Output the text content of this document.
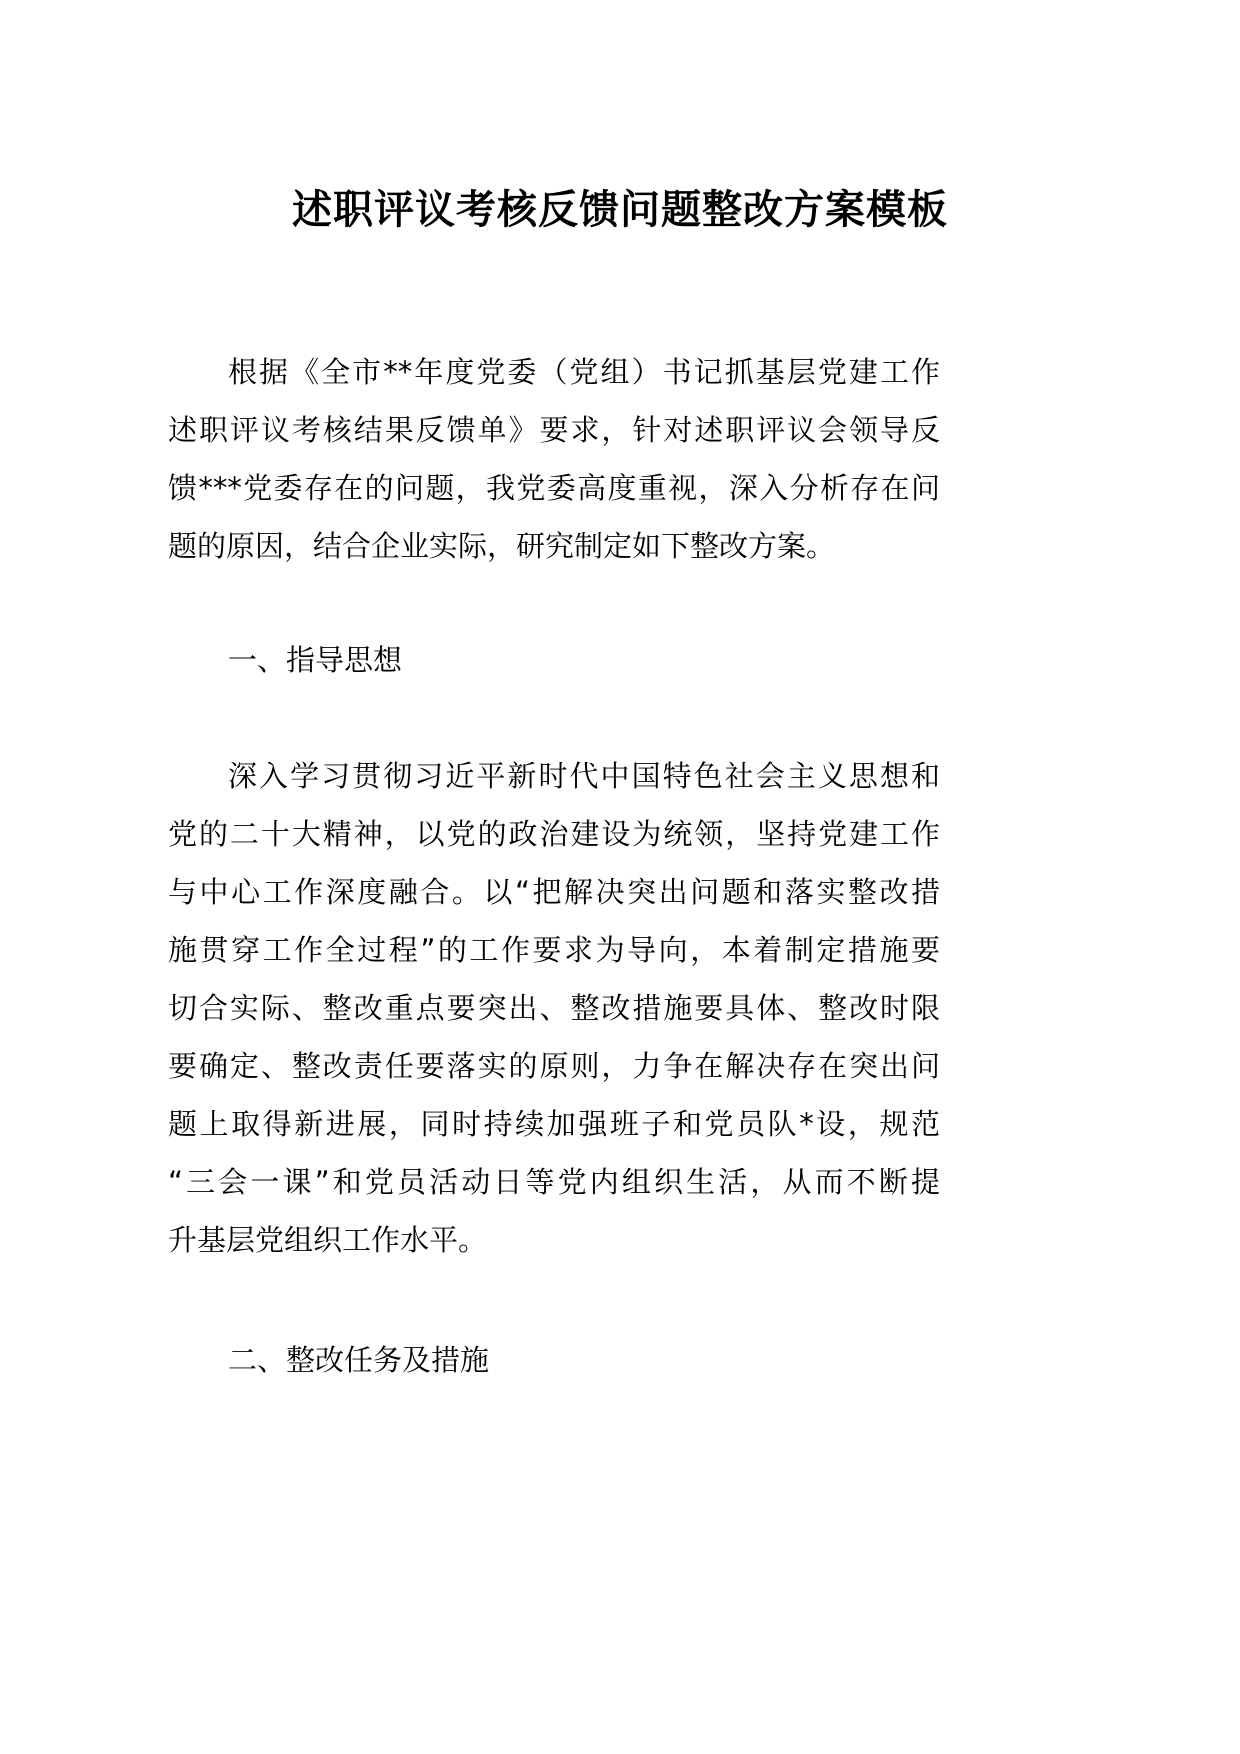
述职评议考核反馈问题整改方案模板
根据《全市**年度党委（党组）书记抓基层党建工作
述职评议考核结果反馈单》要求，针对述职评议会领导反
馈***党委存在的问题，我党委高度重视，深入分析存在问
题的原因，结合企业实际，研究制定如下整改方案。
一、指导思想
深入学习贯彻习近平新时代中国特色社会主义思想和
党的二十大精神，以党的政治建设为统领，坚持党建工作
与中心工作深度融合。以“把解决突出问题和落实整改措
施贯穿工作全过程”的工作要求为导向，本着制定措施要
切合实际、整改重点要突出、整改措施要具体、整改时限
要确定、整改责任要落实的原则，力争在解决存在突出问
题上取得新进展，同时持续加强班子和党员队*设，规范
“三会一课”和党员活动日等党内组织生活，从而不断提
升基层党组织工作水平。
二、整改任务及措施
